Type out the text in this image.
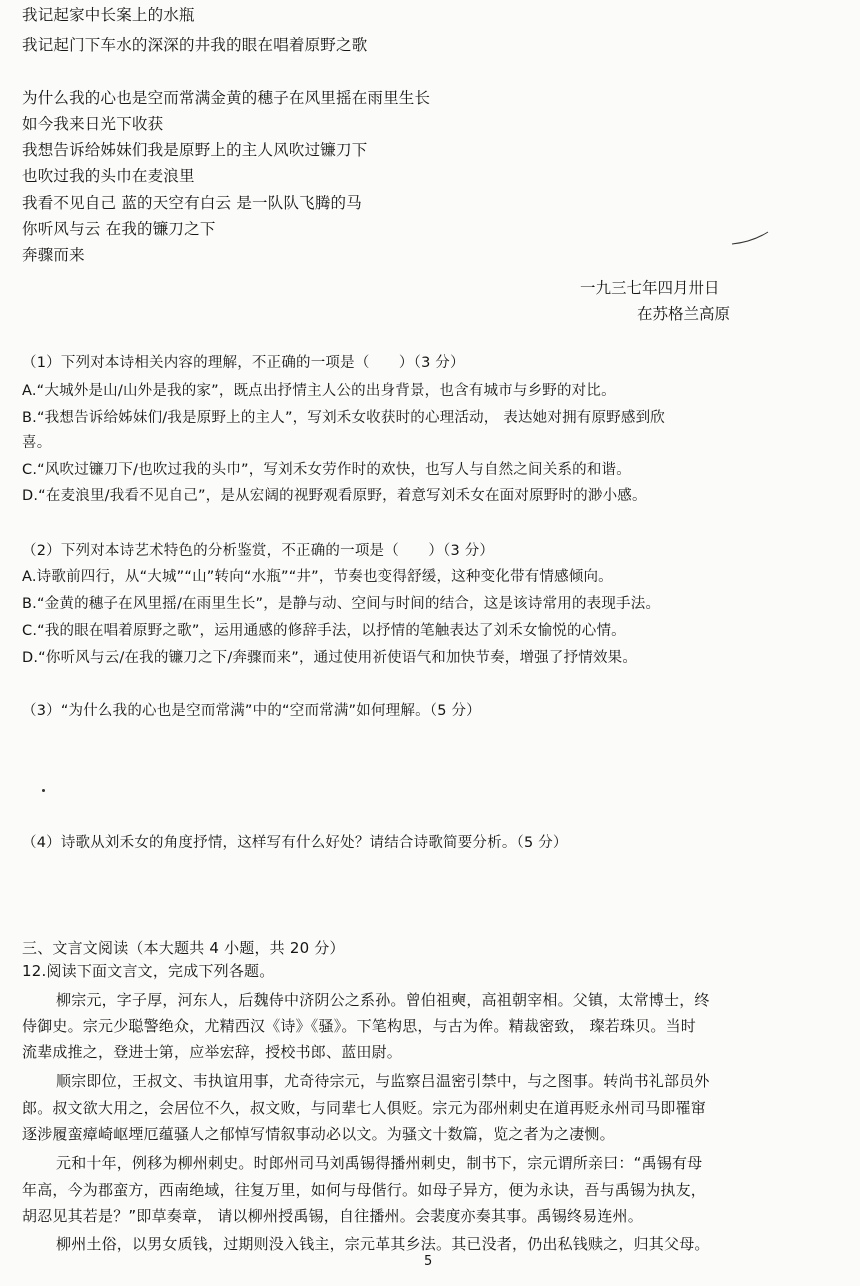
我记起家中长案上的水瓶
我记起门下车水的深深的井我的眼在唱着原野之歌
为什么我的心也是空而常满金黄的穗子在风里摇在雨里生长
如今我来日光下收获
我想告诉给姊妹们我是原野上的主人风吹过镰刀下
也吹过我的头巾在麦浪里
我看不见自己 蓝的天空有白云 是一队队飞腾的马
你听风与云 在我的镰刀之下
奔骤而来
一九三七年四月卅日
在苏格兰高原
（1）下列对本诗相关内容的理解，不正确的一项是（　　）（3 分）
A.“大城外是山/山外是我的家”，既点出抒情主人公的出身背景，也含有城市与乡野的对比。
B.“我想告诉给姊妹们/我是原野上的主人”，写刘禾女收获时的心理活动， 表达她对拥有原野感到欣
喜。
C.“风吹过镰刀下/也吹过我的头巾”，写刘禾女劳作时的欢快，也写人与自然之间关系的和谐。
D.“在麦浪里/我看不见自己”，是从宏阔的视野观看原野，着意写刘禾女在面对原野时的渺小感。
（2）下列对本诗艺术特色的分析鉴赏，不正确的一项是（　　）（3 分）
A.诗歌前四行，从“大城”“山”转向“水瓶”“井”，节奏也变得舒缓，这种变化带有情感倾向。
B.“金黄的穗子在风里摇/在雨里生长”，是静与动、空间与时间的结合，这是该诗常用的表现手法。
C.“我的眼在唱着原野之歌”，运用通感的修辞手法，以抒情的笔触表达了刘禾女愉悦的心情。
D.“你听风与云/在我的镰刀之下/奔骤而来”，通过使用祈使语气和加快节奏，增强了抒情效果。
（3）“为什么我的心也是空而常满”中的“空而常满”如何理解。（5 分）
（4）诗歌从刘禾女的角度抒情，这样写有什么好处？请结合诗歌简要分析。（5 分）
三、文言文阅读（本大题共 4 小题，共 20 分）
12.阅读下面文言文，完成下列各题。
柳宗元，字子厚，河东人，后魏侍中济阴公之系孙。曾伯祖奭，高祖朝宰相。父镇，太常博士，终
侍御史。宗元少聪警绝众，尤精西汉《诗》《骚》。下笔构思，与古为侔。精裁密致， 璨若珠贝。当时
流辈成推之，登进士第，应举宏辞，授校书郎、蓝田尉。
顺宗即位，王叔文、韦执谊用事，尤奇待宗元，与监察吕温密引禁中，与之图事。转尚书礼部员外
郎。叔文欲大用之，会居位不久，叔文败，与同辈七人俱贬。宗元为邵州刺史在道再贬永州司马即罹窜
逐涉履蛮瘴崎岖堙厄蕴骚人之郁悼写情叙事动必以文。为骚文十数篇，览之者为之凄恻。
元和十年，例移为柳州刺史。时郎州司马刘禹锡得播州刺史，制书下，宗元谓所亲曰：“禹锡有母
年高，今为郡蛮方，西南绝域，往复万里，如何与母偕行。如母子异方，便为永诀，吾与禹锡为执友，
胡忍见其若是？”即草奏章， 请以柳州授禹锡，自往播州。会裴度亦奏其事。禹锡终易连州。
柳州土俗，以男女质钱，过期则没入钱主，宗元革其乡法。其已没者，仍出私钱赎之，归其父母。
5
